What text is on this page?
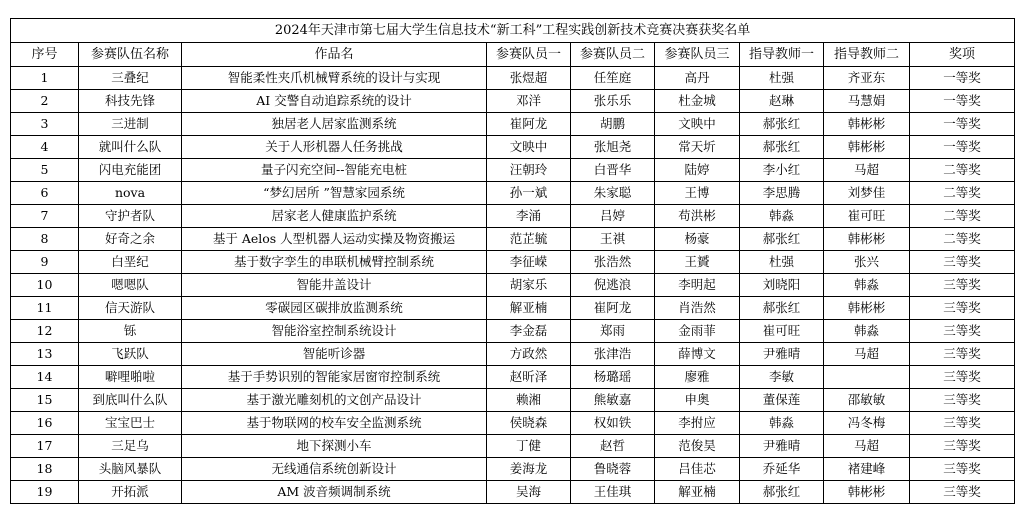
2024年天津市第七届大学生信息技术“新工科”工程实践创新技术竞赛决赛获奖名单								
序号	参赛队伍名称	作品名	参赛队员一	参赛队员二	参赛队员三	指导教师一	指导教师二	奖项
1	三叠纪	智能柔性夹爪机械臂系统的设计与实现	张煜超	任笙庭	高丹	杜强	齐亚东	一等奖
2	科技先锋	AI 交警自动追踪系统的设计	邓洋	张乐乐	杜金城	赵琳	马慧娟	一等奖
3	三进制	独居老人居家监测系统	崔阿龙	胡鹏	文映中	郝张红	韩彬彬	一等奖
4	就叫什么队	关于人形机器人任务挑战	文映中	张旭尧	常天圻	郝张红	韩彬彬	一等奖
5	闪电充能团	量子闪充空间--智能充电桩	汪朝玲	白晋华	陆婷	李小红	马超	二等奖
6	nova	“梦幻居所 ”智慧家园系统	孙一斌	朱家聪	王博	李思腾	刘梦佳	二等奖
7	守护者队	居家老人健康监护系统	李涌	吕婷	苟洪彬	韩淼	崔可旺	二等奖
8	好奇之余	基于 Aelos 人型机器人运动实操及物资搬运	范芷毓	王祺	杨豪	郝张红	韩彬彬	二等奖
9	白垩纪	基于数字孪生的串联机械臂控制系统	李征嵘	张浩然	王贇	杜强	张兴	三等奖
10	嗯嗯队	智能井盖设计	胡家乐	倪逃浪	李明起	刘晓阳	韩淼	三等奖
11	信天游队	零碳园区碳排放监测系统	解亚楠	崔阿龙	肖浩然	郝张红	韩彬彬	三等奖
12	铄	智能浴室控制系统设计	李金磊	郑雨	金雨菲	崔可旺	韩淼	三等奖
13	飞跃队	智能听诊器	方政然	张津浩	薛博文	尹雅晴	马超	三等奖
14	噼哩啪啦	基于手势识别的智能家居窗帘控制系统	赵昕泽	杨璐瑶	廖雅	李敏		三等奖
15	到底叫什么队	基于激光雕刻机的文创产品设计	赖湘	熊敏嘉	申奥	董保莲	邵敏敏	三等奖
16	宝宝巴士	基于物联网的校车安全监测系统	侯晓森	权如铁	李拊应	韩淼	冯冬梅	三等奖
17	三足乌	地下探测小车	丁健	赵哲	范俊昊	尹雅晴	马超	三等奖
18	头脑风暴队	无线通信系统创新设计	姜海龙	鲁晓蓉	吕佳芯	乔延华	褚建峰	三等奖
19	开拓派	AM 波音频调制系统	吴海	王佳琪	解亚楠	郝张红	韩彬彬	三等奖
